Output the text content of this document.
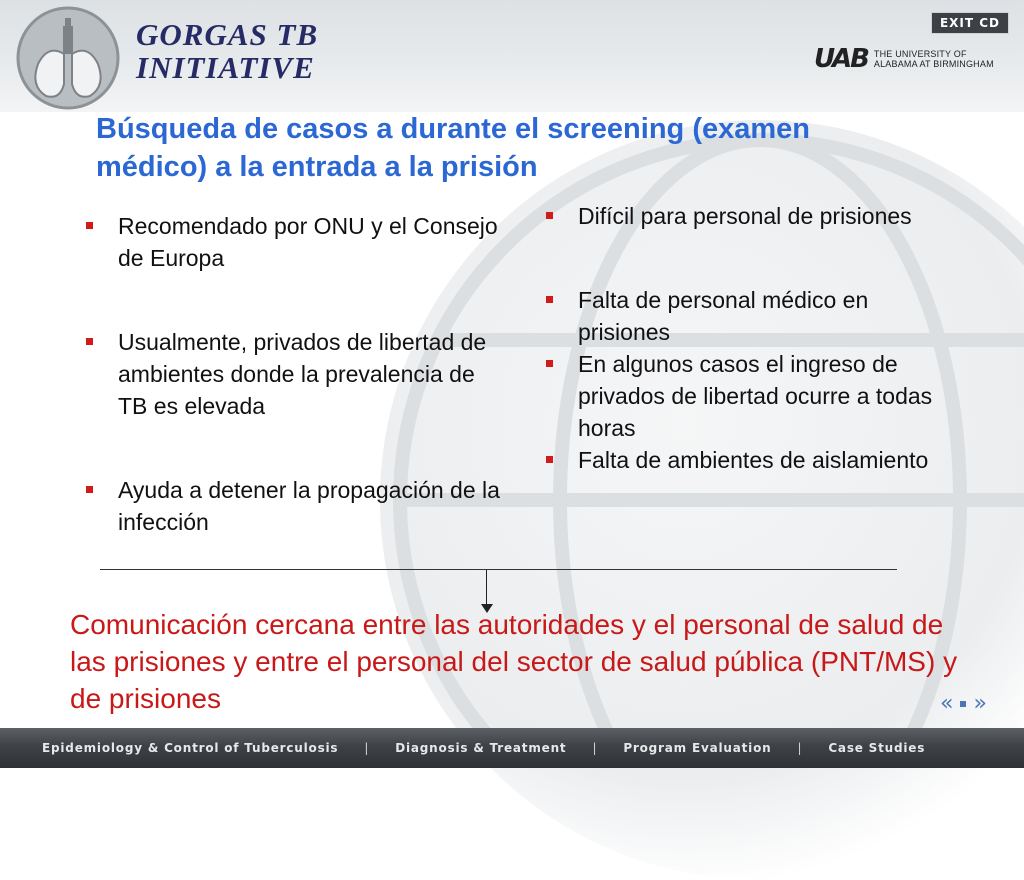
GORGAS TB
INITIATIVE
EXIT CD
UAB THE UNIVERSITY OF
ALABAMA AT BIRMINGHAM
Búsqueda de casos a durante el screening (examen
médico) a la entrada a la prisión
Recomendado por ONU y el Consejo de Europa
Usualmente, privados de libertad de ambientes donde la prevalencia de TB es elevada
Ayuda a detener la propagación de la infección
Difícil para personal de prisiones
Falta de personal médico en prisiones
En algunos casos el ingreso de privados de libertad ocurre a todas horas
Falta de ambientes de aislamiento
Comunicación cercana entre las autoridades y el personal de salud de las prisiones y entre el personal del sector de salud pública (PNT/MS) y de prisiones	« »
Epidemiology & Control of Tuberculosis | Diagnosis & Treatment | Program Evaluation | Case Studies
